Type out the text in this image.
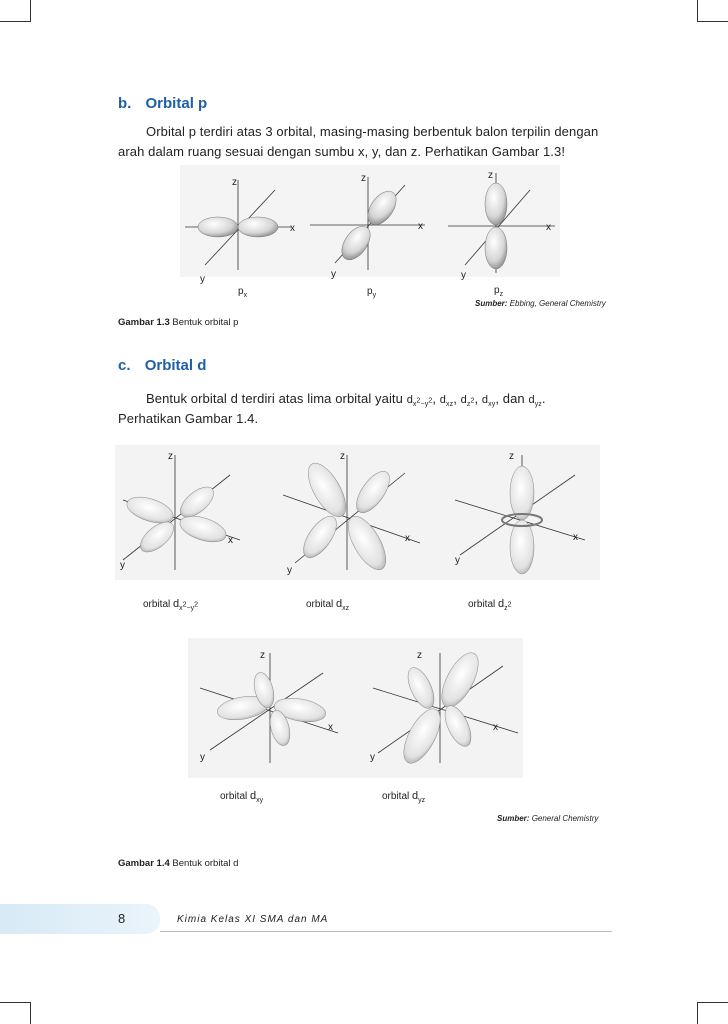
b. Orbital p
Orbital p terdiri atas 3 orbital, masing-masing berbentuk balon terpilin dengan arah dalam ruang sesuai dengan sumbu x, y, dan z. Perhatikan Gambar 1.3!
z
x
y
z
x
y
z
x
y
$p_x$	$p_y$	$p_z$
Sumber: Ebbing, General Chemistry
Gambar 1.3 Bentuk orbital p
c. Orbital d
Bentuk orbital d terdiri atas lima orbital yaitu $d_{x^2-y^2}$, $d_{xz}$, $d_{z^2}$, $d_{xy}$, dan $d_{yz}$.
Perhatikan Gambar 1.4.
z
x
y
z
x
y
z
x
y
orbital $d_{x^2-y^2}$	orbital $d_{xz}$	orbital $d_{z^2}$
z
x
y
z
x
y
orbital $d_{xy}$	orbital $d_{yz}$
Sumber: General Chemistry
Gambar 1.4 Bentuk orbital d
8	Kimia Kelas XI SMA dan MA
